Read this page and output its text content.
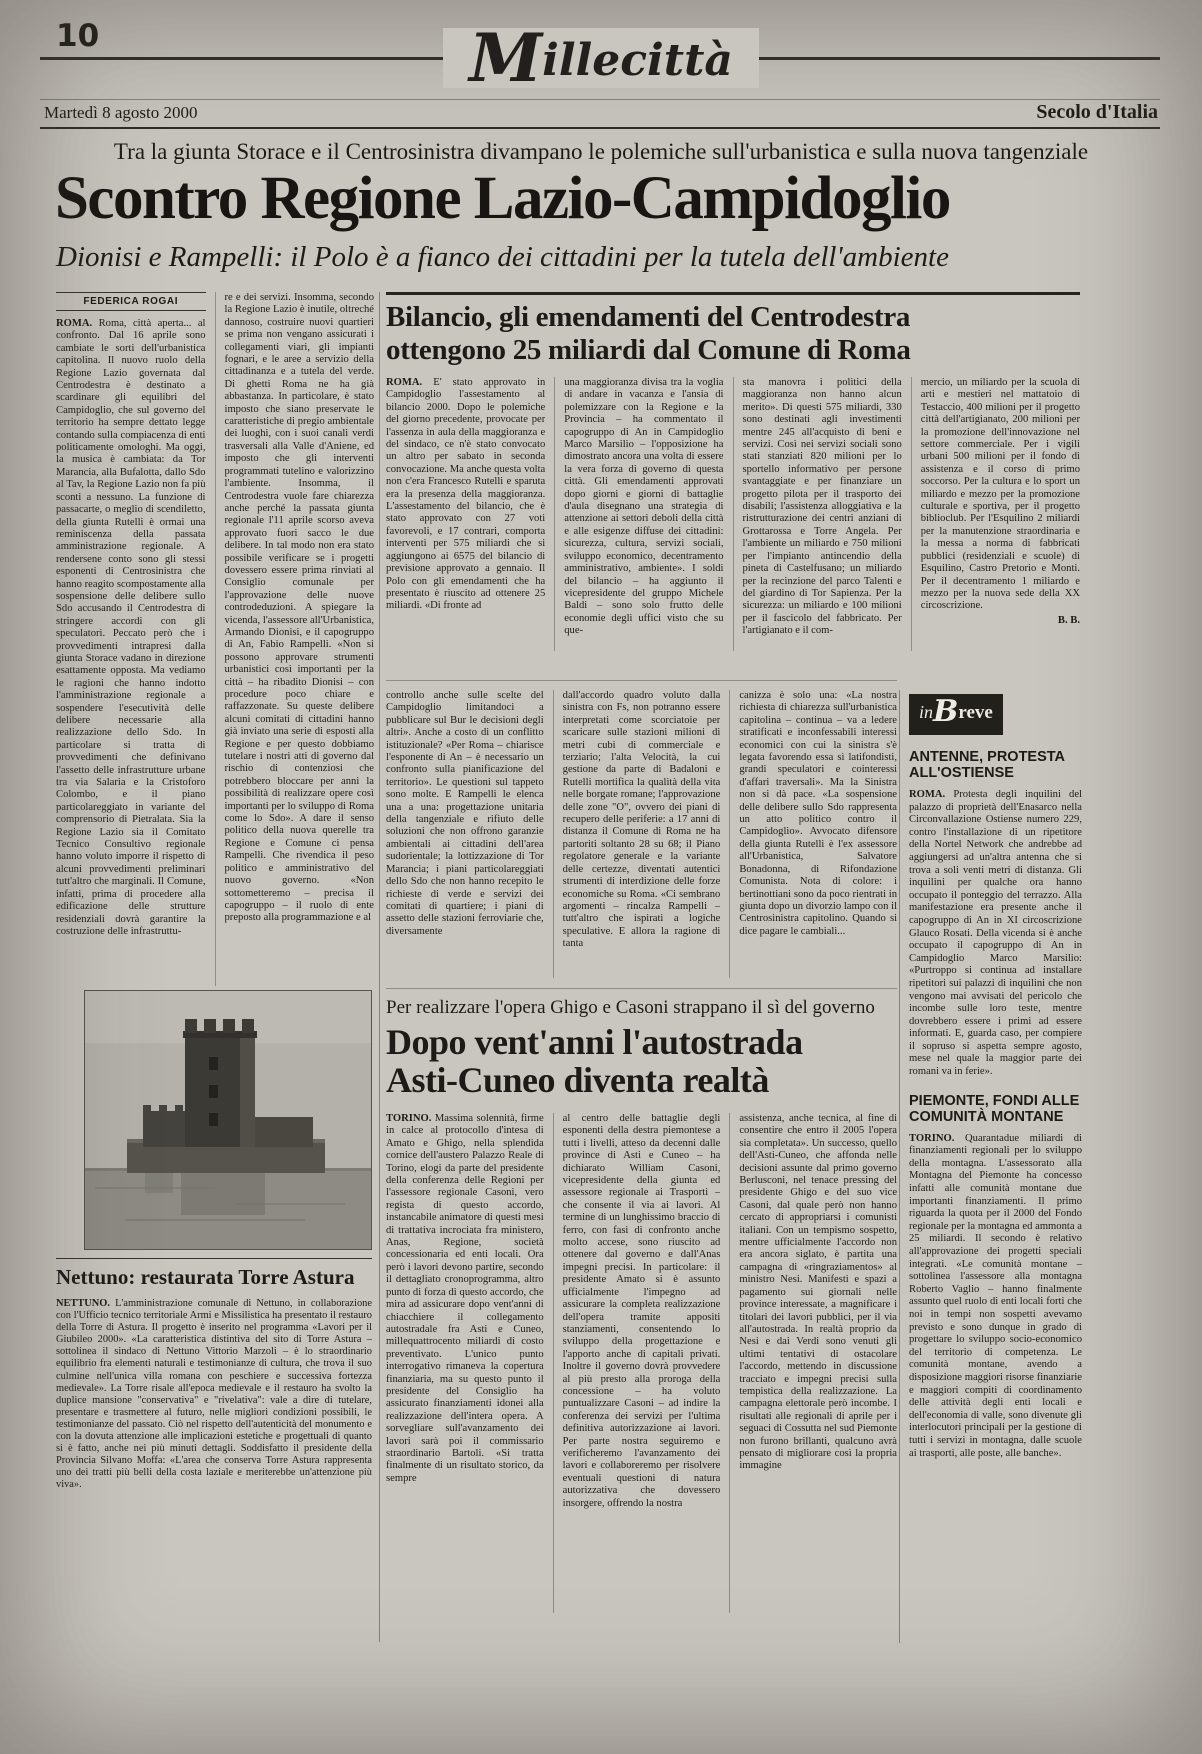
10	Millecittà
Martedì 8 agosto 2000	Secolo d'Italia
Tra la giunta Storace e il Centrosinistra divampano le polemiche sull'urbanistica e sulla nuova tangenziale
Scontro Regione Lazio-Campidoglio
Dionisi e Rampelli: il Polo è a fianco dei cittadini per la tutela dell'ambiente
FEDERICA ROGAI

ROMA. Roma, città aperta... al confronto. Dal 16 aprile sono cambiate le sorti dell'urbanistica capitolina. Il nuovo ruolo della Regione Lazio governata dal Centrodestra è destinato a scardinare gli equilibri del Campidoglio, che sul governo del territorio ha sempre dettato legge contando sulla compiacenza di enti politicamente omologhi. Ma oggi, la musica è cambiata: da Tor Marancia, alla Bufalotta, dallo Sdo al Tav, la Regione Lazio non fa più sconti a nessuno. La funzione di passacarte, o meglio di scendiletto, della giunta Rutelli è ormai una reminiscenza della passata amministrazione regionale. A rendersene conto sono gli stessi esponenti di Centrosinistra che hanno reagito scompostamente alla sospensione delle delibere sullo Sdo accusando il Centrodestra di stringere accordi con gli speculatori. Peccato però che i provvedimenti intrapresi dalla giunta Storace vadano in direzione esattamente opposta. Ma vediamo le ragioni che hanno indotto l'amministrazione regionale a sospendere l'esecutività delle delibere necessarie alla realizzazione dello Sdo. In particolare si tratta di provvedimenti che definivano l'assetto delle infrastrutture urbane tra via Salaria e la Cristoforo Colombo, e il piano particolareggiato in variante del comprensorio di Pietralata. Sia la Regione Lazio sia il Comitato Tecnico Consultivo regionale hanno voluto imporre il rispetto di alcuni provvedimenti preliminari tutt'altro che marginali. Il Comune, infatti, prima di procedere alla edificazione delle strutture residenziali dovrà garantire la costruzione delle infrastruttu-

re e dei servizi. Insomma, secondo la Regione Lazio è inutile, oltreché dannoso, costruire nuovi quartieri se prima non vengano assicurati i collegamenti viari, gli impianti fognari, e le aree a servizio della cittadinanza e a tutela del verde. Di ghetti Roma ne ha già abbastanza. In particolare, è stato imposto che siano preservate le caratteristiche di pregio ambientale dei luoghi, con i suoi canali verdi trasversali alla Valle d'Aniene, ed imposto che gli interventi programmati tutelino e valorizzino l'ambiente. Insomma, il Centrodestra vuole fare chiarezza anche perché la passata giunta regionale l'11 aprile scorso aveva approvato fuori sacco le due delibere. In tal modo non era stato possibile verificare se i progetti dovessero essere prima rinviati al Consiglio comunale per l'approvazione delle nuove controdeduzioni. A spiegare la vicenda, l'assessore all'Urbanistica, Armando Dionisi, e il capogruppo di An, Fabio Rampelli. «Non si possono approvare strumenti urbanistici così importanti per la città – ha ribadito Dionisi – con procedure poco chiare e raffazzonate. Su queste delibere alcuni comitati di cittadini hanno già inviato una serie di esposti alla Regione e per questo dobbiamo tutelare i nostri atti di governo dal rischio di contenziosi che potrebbero bloccare per anni la possibilità di realizzare opere così importanti per lo sviluppo di Roma come lo Sdo». A dare il senso politico della nuova querelle tra Regione e Comune ci pensa Rampelli. Che rivendica il peso politico e amministrativo del nuovo governo. «Non sottometteremo – precisa il capogruppo – il ruolo di ente preposto alla programmazione e al

Bilancio, gli emendamenti del Centrodestra ottengono 25 miliardi dal Comune di Roma

ROMA. E' stato approvato in Campidoglio l'assestamento al bilancio 2000. Dopo le polemiche del giorno precedente, provocate per l'assenza in aula della maggioranza e del sindaco, ce n'è stato convocato un altro per sabato in seconda convocazione. Ma anche questa volta non c'era Francesco Rutelli e sparuta era la presenza della maggioranza. L'assestamento del bilancio, che è stato approvato con 27 voti favorevoli, e 17 contrari, comporta interventi per 575 miliardi che si aggiungono ai 6575 del bilancio di previsione approvato a gennaio. Il Polo con gli emendamenti che ha presentato è riuscito ad ottenere 25 miliardi. «Di fronte ad

una maggioranza divisa tra la voglia di andare in vacanza e l'ansia di polemizzare con la Regione e la Provincia – ha commentato il capogruppo di An in Campidoglio Marco Marsilio – l'opposizione ha dimostrato ancora una volta di essere la vera forza di governo di questa città. Gli emendamenti approvati dopo giorni e giorni di battaglie d'aula disegnano una strategia di attenzione ai settori deboli della città e alle esigenze diffuse dei cittadini: sicurezza, cultura, servizi sociali, sviluppo economico, decentramento amministrativo, ambiente». I soldi del bilancio – ha aggiunto il vicepresidente del gruppo Michele Baldi – sono solo frutto delle economie degli uffici visto che su que-

sta manovra i politici della maggioranza non hanno alcun merito». Di questi 575 miliardi, 330 sono destinati agli investimenti mentre 245 all'acquisto di beni e servizi. Così nei servizi sociali sono stati stanziati 820 milioni per lo sportello informativo per persone svantaggiate e per finanziare un progetto pilota per il trasporto dei disabili; l'assistenza alloggiativa e la ristrutturazione dei centri anziani di Grottarossa e Torre Angela. Per l'ambiente un miliardo e 750 milioni per l'impianto antincendio della pineta di Castelfusano; un miliardo per la recinzione del parco Talenti e del giardino di Tor Sapienza. Per la sicurezza: un miliardo e 100 milioni per il fascicolo del fabbricato. Per l'artigianato e il com-

mercio, un miliardo per la scuola di arti e mestieri nel mattatoio di Testaccio, 400 milioni per il progetto città dell'artigianato, 200 milioni per la promozione dell'innovazione nel settore commerciale. Per i vigili urbani 500 milioni per il fondo di assistenza e il corso di primo soccorso. Per la cultura e lo sport un miliardo e mezzo per la promozione culturale e sportiva, per il progetto biblioclub. Per l'Esquilino 2 miliardi per la manutenzione straordinaria e la messa a norma di fabbricati pubblici (residenziali e scuole) di Esquilino, Castro Pretorio e Monti. Per il decentramento 1 miliardo e mezzo per la nuova sede della XX circoscrizione.

B. B.

controllo anche sulle scelte del Campidoglio limitandoci a pubblicare sul Bur le decisioni degli altri». Anche a costo di un conflitto istituzionale? «Per Roma – chiarisce l'esponente di An – è necessario un confronto sulla pianificazione del territorio». Le questioni sul tappeto sono molte. E Rampelli le elenca una a una: progettazione unitaria della tangenziale e rifiuto delle soluzioni che non offrono garanzie ambientali ai cittadini dell'area sudorientale; la lottizzazione di Tor Marancia; i piani particolareggiati dello Sdo che non hanno recepito le richieste di verde e servizi dei comitati di quartiere; i piani di assetto delle stazioni ferroviarie che, diversamente

dall'accordo quadro voluto dalla sinistra con Fs, non potranno essere interpretati come scorciatoie per scaricare sulle stazioni milioni di metri cubi di commerciale e terziario; l'alta Velocità, la cui gestione da parte di Badaloni e Rutelli mortifica la qualità della vita nelle borgate romane; l'approvazione delle zone "O", ovvero dei piani di recupero delle periferie: a 17 anni di distanza il Comune di Roma ne ha partoriti soltanto 28 su 68; il Piano regolatore generale e la variante delle certezze, diventati autentici strumenti di interdizione delle forze economiche su Roma. «Ci sembrano argomenti – rincalza Rampelli – tutt'altro che ispirati a logiche speculative. E allora la ragione di tanta

canizza è solo una: «La nostra richiesta di chiarezza sull'urbanistica capitolina – continua – va a ledere stratificati e inconfessabili interessi economici con cui la sinistra s'è legata favorendo essa sì latifondisti, grandi speculatori e cointeressi d'affari traversali». Ma la Sinistra non si dà pace. «La sospensione delle delibere sullo Sdo rappresenta un atto politico contro il Campidoglio». Avvocato difensore della giunta Rutelli è l'ex assessore all'Urbanistica, Salvatore Bonadonna, di Rifondazione Comunista. Nota di colore: i bertinottiani sono da poco rientrati in giunta dopo un divorzio lampo con il Centrosinistra capitolino. Quando si dice pagare le cambiali...

inBreve
ANTENNE, PROTESTA ALL'OSTIENSE

ROMA. Protesta degli inquilini del palazzo di proprietà dell'Enasarco nella Circonvallazione Ostiense numero 229, contro l'installazione di un ripetitore della Nortel Network che andrebbe ad aggiungersi ad un'altra antenna che si trova a soli venti metri di distanza. Gli inquilini per qualche ora hanno occupato il ponteggio del terrazzo. Alla manifestazione era presente anche il capogruppo di An in XI circoscrizione Glauco Rosati. Della vicenda si è anche occupato il capogruppo di An in Campidoglio Marco Marsilio: «Purtroppo si continua ad installare ripetitori sui palazzi di inquilini che non vengono mai avvisati del pericolo che incombe sulle loro teste, mentre dovrebbero essere i primi ad essere informati. E, guarda caso, per compiere il sopruso si aspetta sempre agosto, mese nel quale la maggior parte dei romani va in ferie».

PIEMONTE, FONDI ALLE COMUNITÀ MONTANE

TORINO. Quarantadue miliardi di finanziamenti regionali per lo sviluppo della montagna. L'assessorato alla Montagna del Piemonte ha concesso infatti alle comunità montane due importanti finanziamenti. Il primo riguarda la quota per il 2000 del Fondo regionale per la montagna ed ammonta a 25 miliardi. Il secondo è relativo all'approvazione dei progetti speciali integrati. «Le comunità montane – sottolinea l'assessore alla montagna Roberto Vaglio – hanno finalmente assunto quel ruolo di enti locali forti che noi in tempi non sospetti avevamo previsto e sono dunque in grado di progettare lo sviluppo socio-economico del territorio di competenza. Le comunità montane, avendo a disposizione maggiori risorse finanziarie e maggiori compiti di coordinamento delle attività degli enti locali e dell'economia di valle, sono divenute gli interlocutori principali per la gestione di tutti i servizi in montagna, dalle scuole ai trasporti, alle poste, alle banche».

Nettuno: restaurata Torre Astura

NETTUNO. L'amministrazione comunale di Nettuno, in collaborazione con l'Ufficio tecnico territoriale Armi e Missilistica ha presentato il restauro della Torre di Astura. Il progetto è inserito nel programma «Lavori per il Giubileo 2000». «La caratteristica distintiva del sito di Torre Astura – sottolinea il sindaco di Nettuno Vittorio Marzoli – è lo straordinario equilibrio fra elementi naturali e testimonianze di cultura, che trova il suo culmine nell'unica villa romana con peschiere e successiva fortezza medievale». La Torre risale all'epoca medievale e il restauro ha svolto la duplice mansione "conservativa" e "rivelativa": vale a dire di tutelare, presentare e trasmettere al futuro, nelle migliori condizioni possibili, le testimonianze del passato. Ciò nel rispetto dell'autenticità del monumento e con la dovuta attenzione alle implicazioni estetiche e progettuali di quanto si è fatto, anche nei più minuti dettagli. Soddisfatto il presidente della Provincia Silvano Moffa: «L'area che conserva Torre Astura rappresenta uno dei tratti più belli della costa laziale e meriterebbe un'attenzione più viva».

Per realizzare l'opera Ghigo e Casoni strappano il sì del governo

Dopo vent'anni l'autostrada
Asti-Cuneo diventa realtà

TORINO. Massima solennità, firme in calce al protocollo d'intesa di Amato e Ghigo, nella splendida cornice dell'austero Palazzo Reale di Torino, elogi da parte del presidente della conferenza delle Regioni per l'assessore regionale Casoni, vero regista di questo accordo, instancabile animatore di questi mesi di trattativa incrociata fra ministero, Anas, Regione, società concessionaria ed enti locali. Ora però i lavori devono partire, secondo il dettagliato cronoprogramma, altro punto di forza di questo accordo, che mira ad assicurare dopo vent'anni di chiacchiere il collegamento autostradale fra Asti e Cuneo, millequattrocento miliardi di costo preventivato. L'unico punto interrogativo rimaneva la copertura finanziaria, ma su questo punto il presidente del Consiglio ha assicurato finanziamenti idonei alla realizzazione dell'intera opera. A sorvegliare sull'avanzamento dei lavori sarà poi il commissario straordinario Bartoli. «Si tratta finalmente di un risultato storico, da sempre

al centro delle battaglie degli esponenti della destra piemontese a tutti i livelli, atteso da decenni dalle province di Asti e Cuneo – ha dichiarato William Casoni, vicepresidente della giunta ed assessore regionale ai Trasporti – che consente il via ai lavori. Al termine di un lunghissimo braccio di ferro, con fasi di confronto anche molto accese, sono riuscito ad ottenere dal governo e dall'Anas impegni precisi. In particolare: il presidente Amato si è assunto ufficialmente l'impegno ad assicurare la completa realizzazione dell'opera tramite appositi stanziamenti, consentendo lo sviluppo della progettazione e l'apporto anche di capitali privati. Inoltre il governo dovrà provvedere al più presto alla proroga della concessione – ha voluto puntualizzare Casoni – ad indire la conferenza dei servizi per l'ultima definitiva autorizzazione ai lavori. Per parte nostra seguiremo e verificheremo l'avanzamento dei lavori e collaboreremo per risolvere eventuali questioni di natura autorizzativa che dovessero insorgere, offrendo la nostra

assistenza, anche tecnica, al fine di consentire che entro il 2005 l'opera sia completata». Un successo, quello dell'Asti-Cuneo, che affonda nelle decisioni assunte dal primo governo Berlusconi, nel tenace pressing del presidente Ghigo e del suo vice Casoni, dal quale però non hanno cercato di appropriarsi i comunisti italiani. Con un tempismo sospetto, mentre ufficialmente l'accordo non era ancora siglato, è partita una campagna di «ringraziamentos» al ministro Nesi. Manifesti e spazi a pagamento sui giornali nelle province interessate, a magnificare i titolari dei lavori pubblici, per il via all'autostrada. In realtà proprio da Nesi e dai Verdi sono venuti gli ultimi tentativi di ostacolare l'accordo, mettendo in discussione tracciato e impegni precisi sulla tempistica della realizzazione. La campagna elettorale però incombe. I risultati alle regionali di aprile per i seguaci di Cossutta nel sud Piemonte non furono brillanti, qualcuno avrà pensato di migliorare così la propria immagine
